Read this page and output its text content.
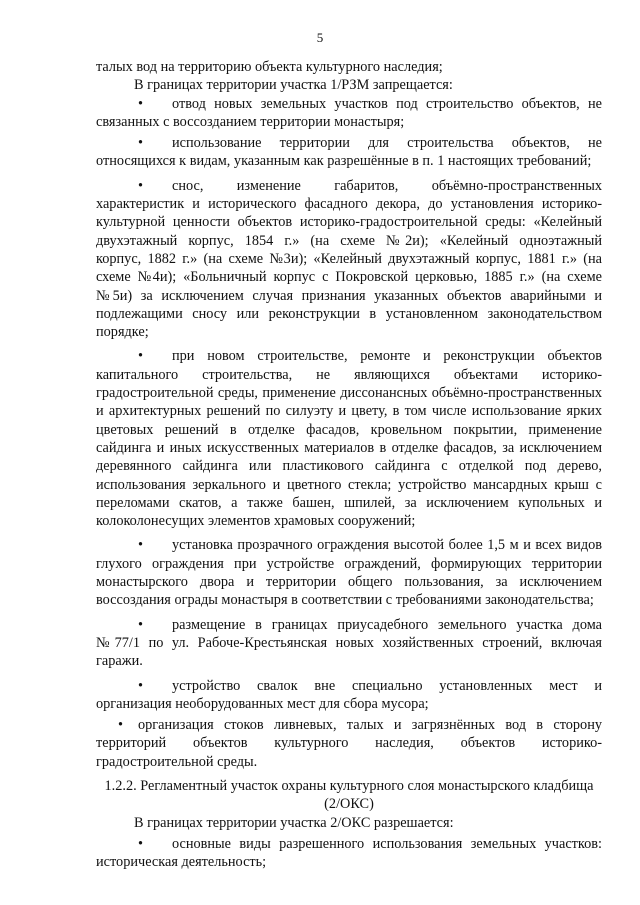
5

талых вод на территорию объекта культурного наследия;

В границах территории участка 1/РЗМ запрещается:

• отвод новых земельных участков под строительство объектов, не связанных с воссозданием территории монастыря;

• использование территории для строительства объектов, не относящихся к видам, указанным как разрешённые в п. 1 настоящих требований;

• снос, изменение габаритов, объёмно-пространственных характеристик и исторического фасадного декора, до установления историко-культурной ценности объектов историко-градостроительной среды: «Келейный двухэтажный корпус, 1854 г.» (на схеме №2и); «Келейный одноэтажный корпус, 1882 г.» (на схеме №3и); «Келейный двухэтажный корпус, 1881 г.» (на схеме №4и); «Больничный корпус с Покровской церковью, 1885 г.» (на схеме №5и) за исключением случая признания указанных объектов аварийными и подлежащими сносу или реконструкции в установленном законодательством порядке;

• при новом строительстве, ремонте и реконструкции объектов капитального строительства, не являющихся объектами историко-градостроительной среды, применение диссонансных объёмно-пространственных и архитектурных решений по силуэту и цвету, в том числе использование ярких цветовых решений в отделке фасадов, кровельном покрытии, применение сайдинга и иных искусственных материалов в отделке фасадов, за исключением деревянного сайдинга или пластикового сайдинга с отделкой под дерево, использования зеркального и цветного стекла; устройство мансардных крыш с переломами скатов, а также башен, шпилей, за исключением купольных и колоколонесущих элементов храмовых сооружений;

• установка прозрачного ограждения высотой более 1,5 м и всех видов глухого ограждения при устройстве ограждений, формирующих территории монастырского двора и территории общего пользования, за исключением воссоздания ограды монастыря в соответствии с требованиями законодательства;

• размещение в границах приусадебного земельного участка дома №77/1 по ул. Рабоче-Крестьянская новых хозяйственных строений, включая гаражи.

• устройство свалок вне специально установленных мест и организация необорудованных мест для сбора мусора;

• организация стоков ливневых, талых и загрязнённых вод в сторону территорий объектов культурного наследия, объектов историко-градостроительной среды.

1.2.2. Регламентный участок охраны культурного слоя монастырского кладбища (2/ОКС)

В границах территории участка 2/ОКС разрешается:

• основные виды разрешенного использования земельных участков: историческая деятельность;
